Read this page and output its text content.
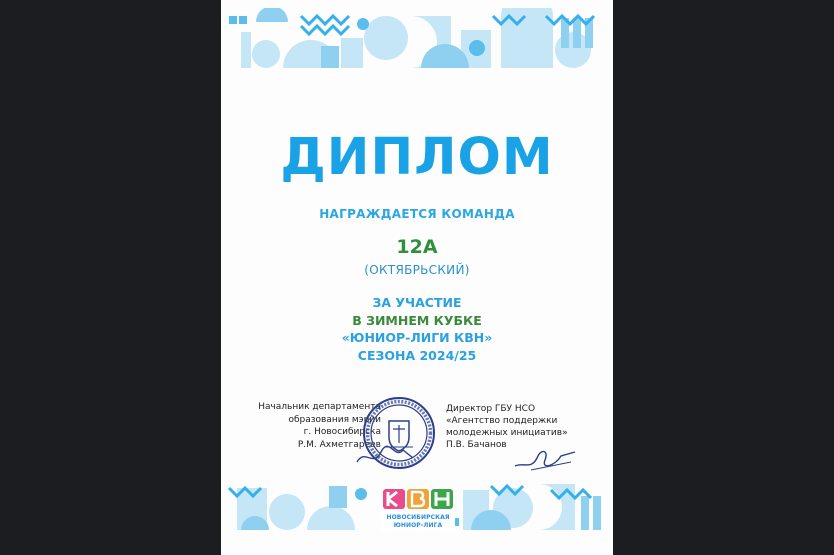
ДИПЛОМ
НАГРАЖДАЕТСЯ КОМАНДА
12А
(ОКТЯБРЬСКИЙ)
ЗА УЧАСТИЕ
В ЗИМНЕМ КУБКЕ
«ЮНИОР-ЛИГИ КВН»
СЕЗОНА 2024/25
Начальник департамента
образования мэрии
г. Новосибирска
Р.М. Ахметгареев
Директор ГБУ НСО
«Агентство поддержки
молодежных инициатив»
П.В. Бачанов
НОВОСИБИРСКАЯ
ЮНИОР-ЛИГА
